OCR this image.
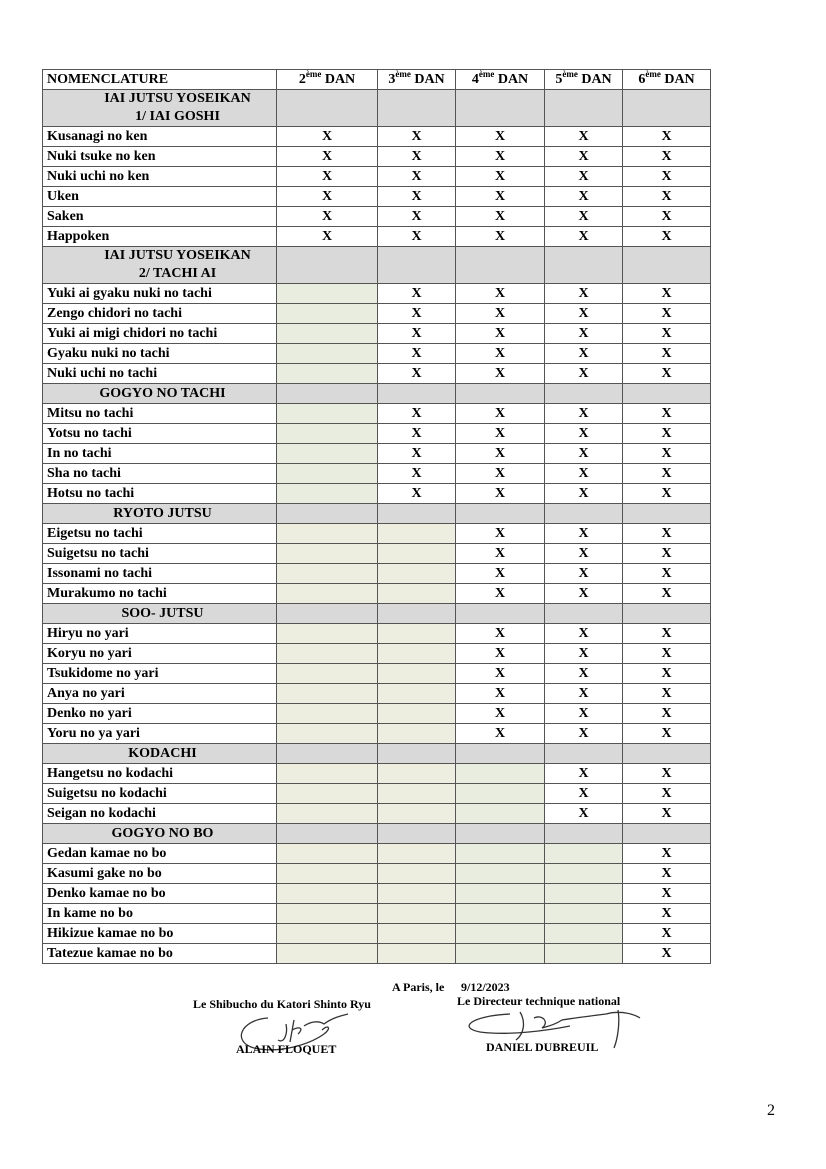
NOMENCLATURE	2ème DAN	3ème DAN	4ème DAN	5ème DAN	6ème DAN

IAI JUTSU YOSEIKAN
1/ IAI GOSHI					

Kusanagi no ken	X	X	X	X	X
Nuki tsuke no ken	X	X	X	X	X
Nuki uchi no ken	X	X	X	X	X
Uken	X	X	X	X	X
Saken	X	X	X	X	X
Happoken	X	X	X	X	X

IAI JUTSU YOSEIKAN
2/ TACHI AI					

Yuki ai gyaku nuki no tachi		X	X	X	X
Zengo chidori no tachi		X	X	X	X
Yuki ai migi chidori no tachi		X	X	X	X
Gyaku nuki no tachi		X	X	X	X
Nuki uchi no tachi		X	X	X	X

GOGYO NO TACHI					

Mitsu no tachi		X	X	X	X
Yotsu no tachi		X	X	X	X
In no tachi		X	X	X	X
Sha no tachi		X	X	X	X
Hotsu no tachi		X	X	X	X

RYOTO JUTSU					

Eigetsu no tachi			X	X	X
Suigetsu no tachi			X	X	X
Issonami no tachi			X	X	X
Murakumo no tachi			X	X	X

SOO- JUTSU					

Hiryu no yari			X	X	X
Koryu no yari			X	X	X
Tsukidome no yari			X	X	X
Anya no yari			X	X	X
Denko no yari			X	X	X
Yoru no ya yari			X	X	X

KODACHI					

Hangetsu no kodachi				X	X
Suigetsu no kodachi				X	X
Seigan no kodachi				X	X

GOGYO NO BO					

Gedan kamae no bo					X
Kasumi gake no bo					X
Denko kamae no bo					X
In kame no bo					X
Hikizue kamae no bo					X
Tatezue kamae no bo					X
A Paris, le 9/12/2023
Le Shibucho du Katori Shinto Ryu	Le Directeur technique national
ALAIN FLOQUET	DANIEL DUBREUIL
2
